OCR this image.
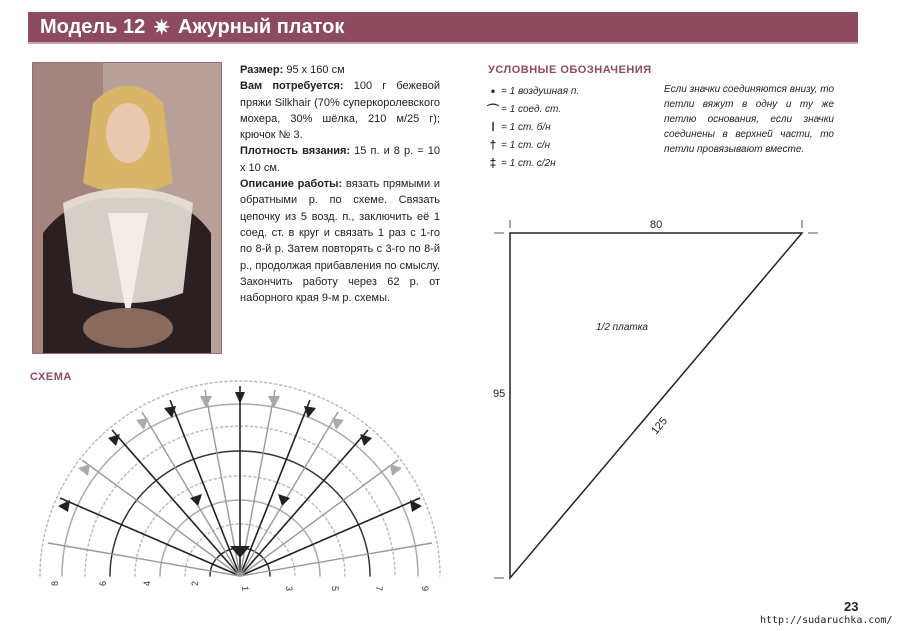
Модель 12 ✷ Ажурный платок
Размер: 95 х 160 см
Вам потребуется: 100 г бежевой пряжи Silkhair (70% суперкоролевского мохера, 30% шёлка, 210 м/25 г); крючок № 3.
Плотность вязания: 15 п. и 8 р. = 10 х 10 см.
Описание работы: вязать прямыми и обратными р. по схеме. Связать цепочку из 5 возд. п., заключить её 1 соед. ст. в круг и связать 1 раз с 1-го по 8-й р. Затем повторять с 3-го по 8-й р., продолжая прибавления по смыслу. Закончить работу через 62 р. от наборного края 9-м р. схемы.
УСЛОВНЫЕ ОБОЗНАЧЕНИЯ
• = 1 воздушная п.
⌒ = 1 соед. ст.
ǀ = 1 ст. б/н
† = 1 ст. с/н
‡ = 1 ст. с/2н
Если значки соединяются внизу, то петли вяжут в одну и ту же петлю основания, если значки соединены в верхней части, то петли провязывают вместе.
СХЕМА
8	6	4	2
1	3	5	7	9
80
95
125
1/2 платка
23
http://sudaruchka.com/
